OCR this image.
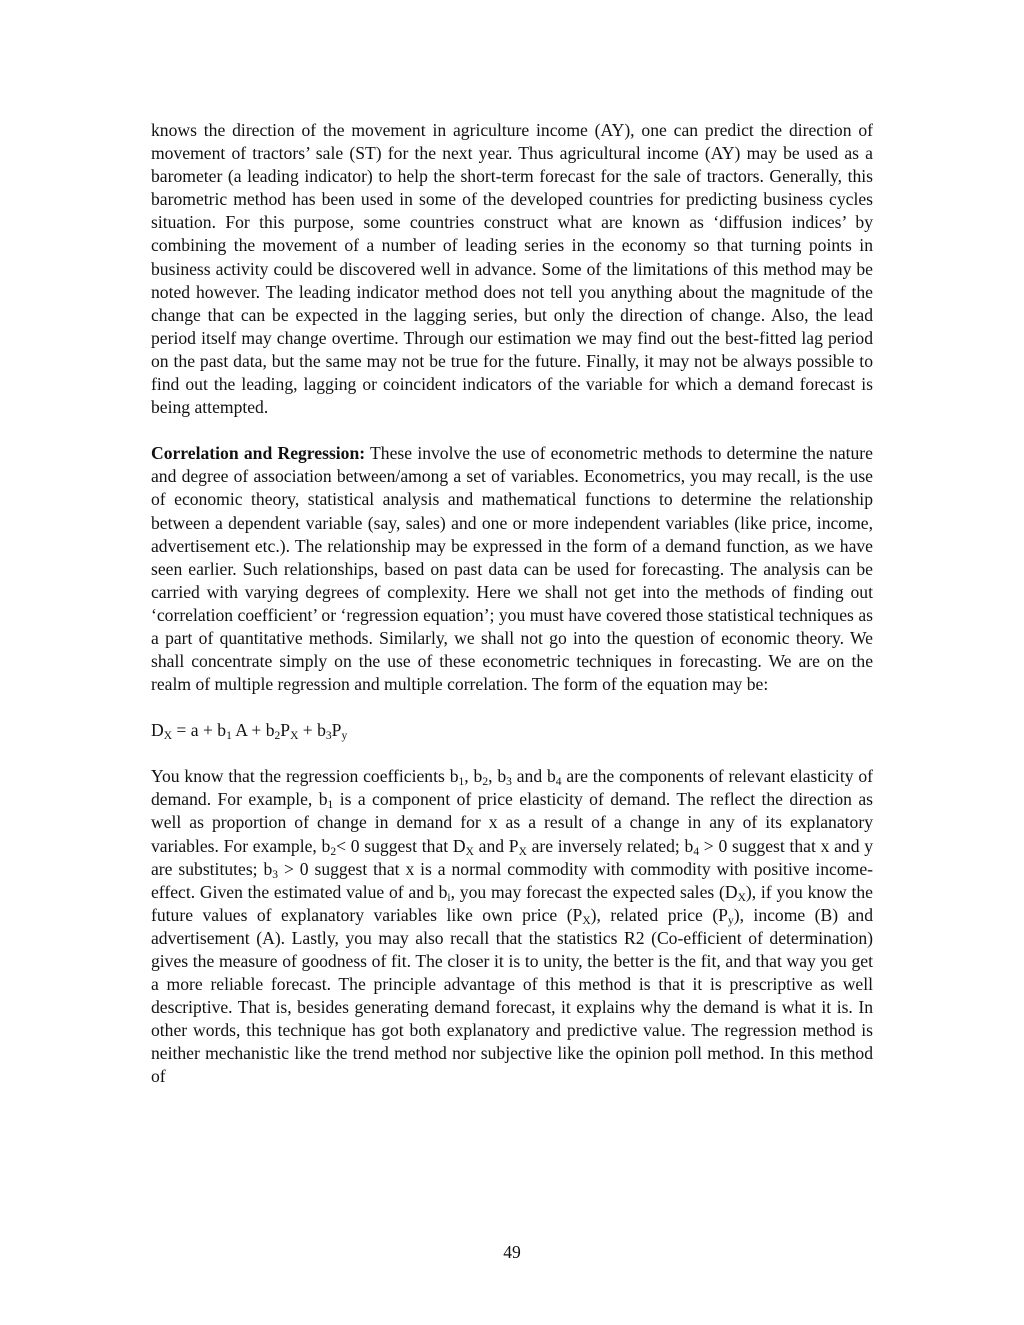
knows the direction of the movement in agriculture income (AY), one can predict the direction of movement of tractors’ sale (ST) for the next year. Thus agricultural income (AY) may be used as a barometer (a leading indicator) to help the short-term forecast for the sale of tractors. Generally, this barometric method has been used in some of the developed countries for predicting business cycles situation. For this purpose, some countries construct what are known as ‘diffusion indices’ by combining the movement of a number of leading series in the economy so that turning points in business activity could be discovered well in advance. Some of the limitations of this method may be noted however. The leading indicator method does not tell you anything about the magnitude of the change that can be expected in the lagging series, but only the direction of change. Also, the lead period itself may change overtime. Through our estimation we may find out the best-fitted lag period on the past data, but the same may not be true for the future. Finally, it may not be always possible to find out the leading, lagging or coincident indicators of the variable for which a demand forecast is being attempted.

Correlation and Regression: These involve the use of econometric methods to determine the nature and degree of association between/among a set of variables. Econometrics, you may recall, is the use of economic theory, statistical analysis and mathematical functions to determine the relationship between a dependent variable (say, sales) and one or more independent variables (like price, income, advertisement etc.). The relationship may be expressed in the form of a demand function, as we have seen earlier. Such relationships, based on past data can be used for forecasting. The analysis can be carried with varying degrees of complexity. Here we shall not get into the methods of finding out ‘correlation coefficient’ or ‘regression equation’; you must have covered those statistical techniques as a part of quantitative methods. Similarly, we shall not go into the question of economic theory. We shall concentrate simply on the use of these econometric techniques in forecasting. We are on the realm of multiple regression and multiple correlation. The form of the equation may be:

$D_X = a + b_1$ $A + b_2P_X + b_3P_y$

You know that the regression coefficients $b_1$, $b_2$, $b_3$ and $b_4$ are the components of relevant elasticity of demand. For example, $b_1$ is a component of price elasticity of demand. The reflect the direction as well as proportion of change in demand for x as a result of a change in any of its explanatory variables. For example, $b_2< 0$ suggest that $D_X$ and $P_X$ are inversely related; $b_4 > 0$ suggest that x and y are substitutes; $b_3 > 0$ suggest that x is a normal commodity with commodity with positive income-effect. Given the estimated value of and $b_i$, you may forecast the expected sales $(D_X)$, if you know the future values of explanatory variables like own price $(P_X)$, related price $(P_y)$, income (B) and advertisement (A). Lastly, you may also recall that the statistics R2 (Co-efficient of determination) gives the measure of goodness of fit. The closer it is to unity, the better is the fit, and that way you get a more reliable forecast. The principle advantage of this method is that it is prescriptive as well descriptive. That is, besides generating demand forecast, it explains why the demand is what it is. In other words, this technique has got both explanatory and predictive value. The regression method is neither mechanistic like the trend method nor subjective like the opinion poll method. In this method of

49
